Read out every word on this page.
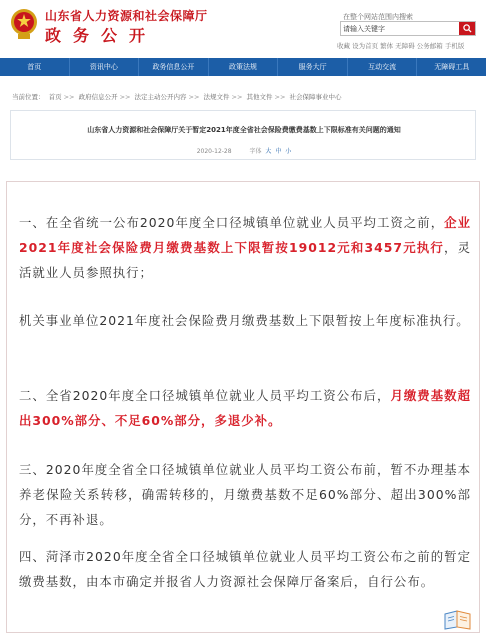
山东省人力资源和社会保障厅
政务公开
在整个网站范围内搜索
请输入关键字
收藏 设为首页 繁体 无障碍 公务邮箱 手机版
首页	资讯中心	政务信息公开	政策法规	服务大厅	互动交流	无障碍工具
当前位置： 首页 >> 政府信息公开 >> 法定主动公开内容 >> 法规文件 >> 其他文件 >> 社会保障事业中心
山东省人力资源和社会保障厅关于暂定2021年度全省社会保险费缴费基数上下限标准有关问题的通知
2020-12-28	字体 大 中 小
一、在全省统一公布2020年度全口径城镇单位就业人员平均工资之前，企业2021年度社会保险费月缴费基数上下限暂按19012元和3457元执行，灵活就业人员参照执行；
机关事业单位2021年度社会保险费月缴费基数上下限暂按上年度标准执行。
二、全省2020年度全口径城镇单位就业人员平均工资公布后，月缴费基数超出300%部分、不足60%部分，多退少补。
三、2020年度全省全口径城镇单位就业人员平均工资公布前，暂不办理基本养老保险关系转移，确需转移的，月缴费基数不足60%部分、超出300%部分，不再补退。
四、菏泽市2020年度全省全口径城镇单位就业人员平均工资公布之前的暂定缴费基数，由本市确定并报省人力资源社会保障厅备案后，自行公布。
